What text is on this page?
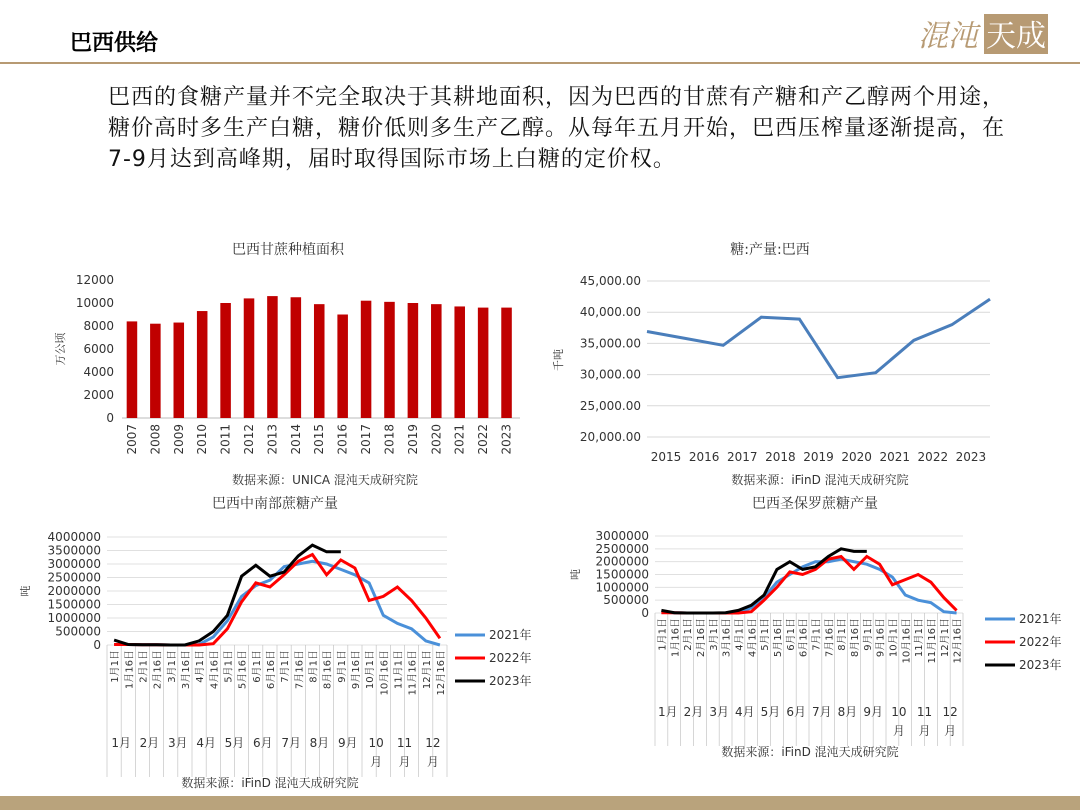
巴西供给	混沌 天成
巴西的食糖产量并不完全取决于其耕地面积，因为巴西的甘蔗有产糖和产乙醇两个用途，糖价高时多生产白糖，糖价低则多生产乙醇。从每年五月开始，巴西压榨量逐渐提高，在7-9月达到高峰期，届时取得国际市场上白糖的定价权。
巴西甘蔗种植面积
0
2000
4000
6000
8000
10000
12000
万公顷
2007 2008 2009 2010 2011 2012 2013 2014 2015 2016 2017 2018 2019 2020 2021 2022 2023
数据来源：UNICA 混沌天成研究院
糖:产量:巴西
千吨
20,000.00
25,000.00
30,000.00
35,000.00
40,000.00
45,000.00
2015 2016 2017 2018 2019 2020 2021 2022 2023
数据来源：iFinD 混沌天成研究院
巴西中南部蔗糖产量
0
500000
1000000
1500000
2000000
2500000
3000000
3500000
4000000
吨
1月1日 1月16日 2月1日 2月16日 3月1日 3月16日 4月1日 4月16日 5月1日 5月16日 6月1日 6月16日 7月1日 7月16日 8月1日 8月16日 9月1日 9月16日 10月1日 10月16日 11月1日 11月16日 12月1日 12月16日
1月 2月 3月 4月 5月 6月 7月 8月 9月 10
月
11
月
12
月
2021年
2022年
2023年
数据来源：iFinD 混沌天成研究院
巴西圣保罗蔗糖产量
0
500000
1000000
1500000
2000000
2500000
3000000
吨
1月1日 1月16日 2月1日 2月16日 3月1日 3月16日 4月1日 4月16日 5月1日 5月16日 6月1日 6月16日 7月1日 7月16日 8月1日 8月16日 9月1日 9月16日 10月1日 10月16日 11月1日 11月16日 12月1日 12月16日
1月 2月 3月 4月 5月 6月 7月 8月 9月 10
月
11
月
12
月
2021年
2022年
2023年
数据来源：iFinD 混沌天成研究院
